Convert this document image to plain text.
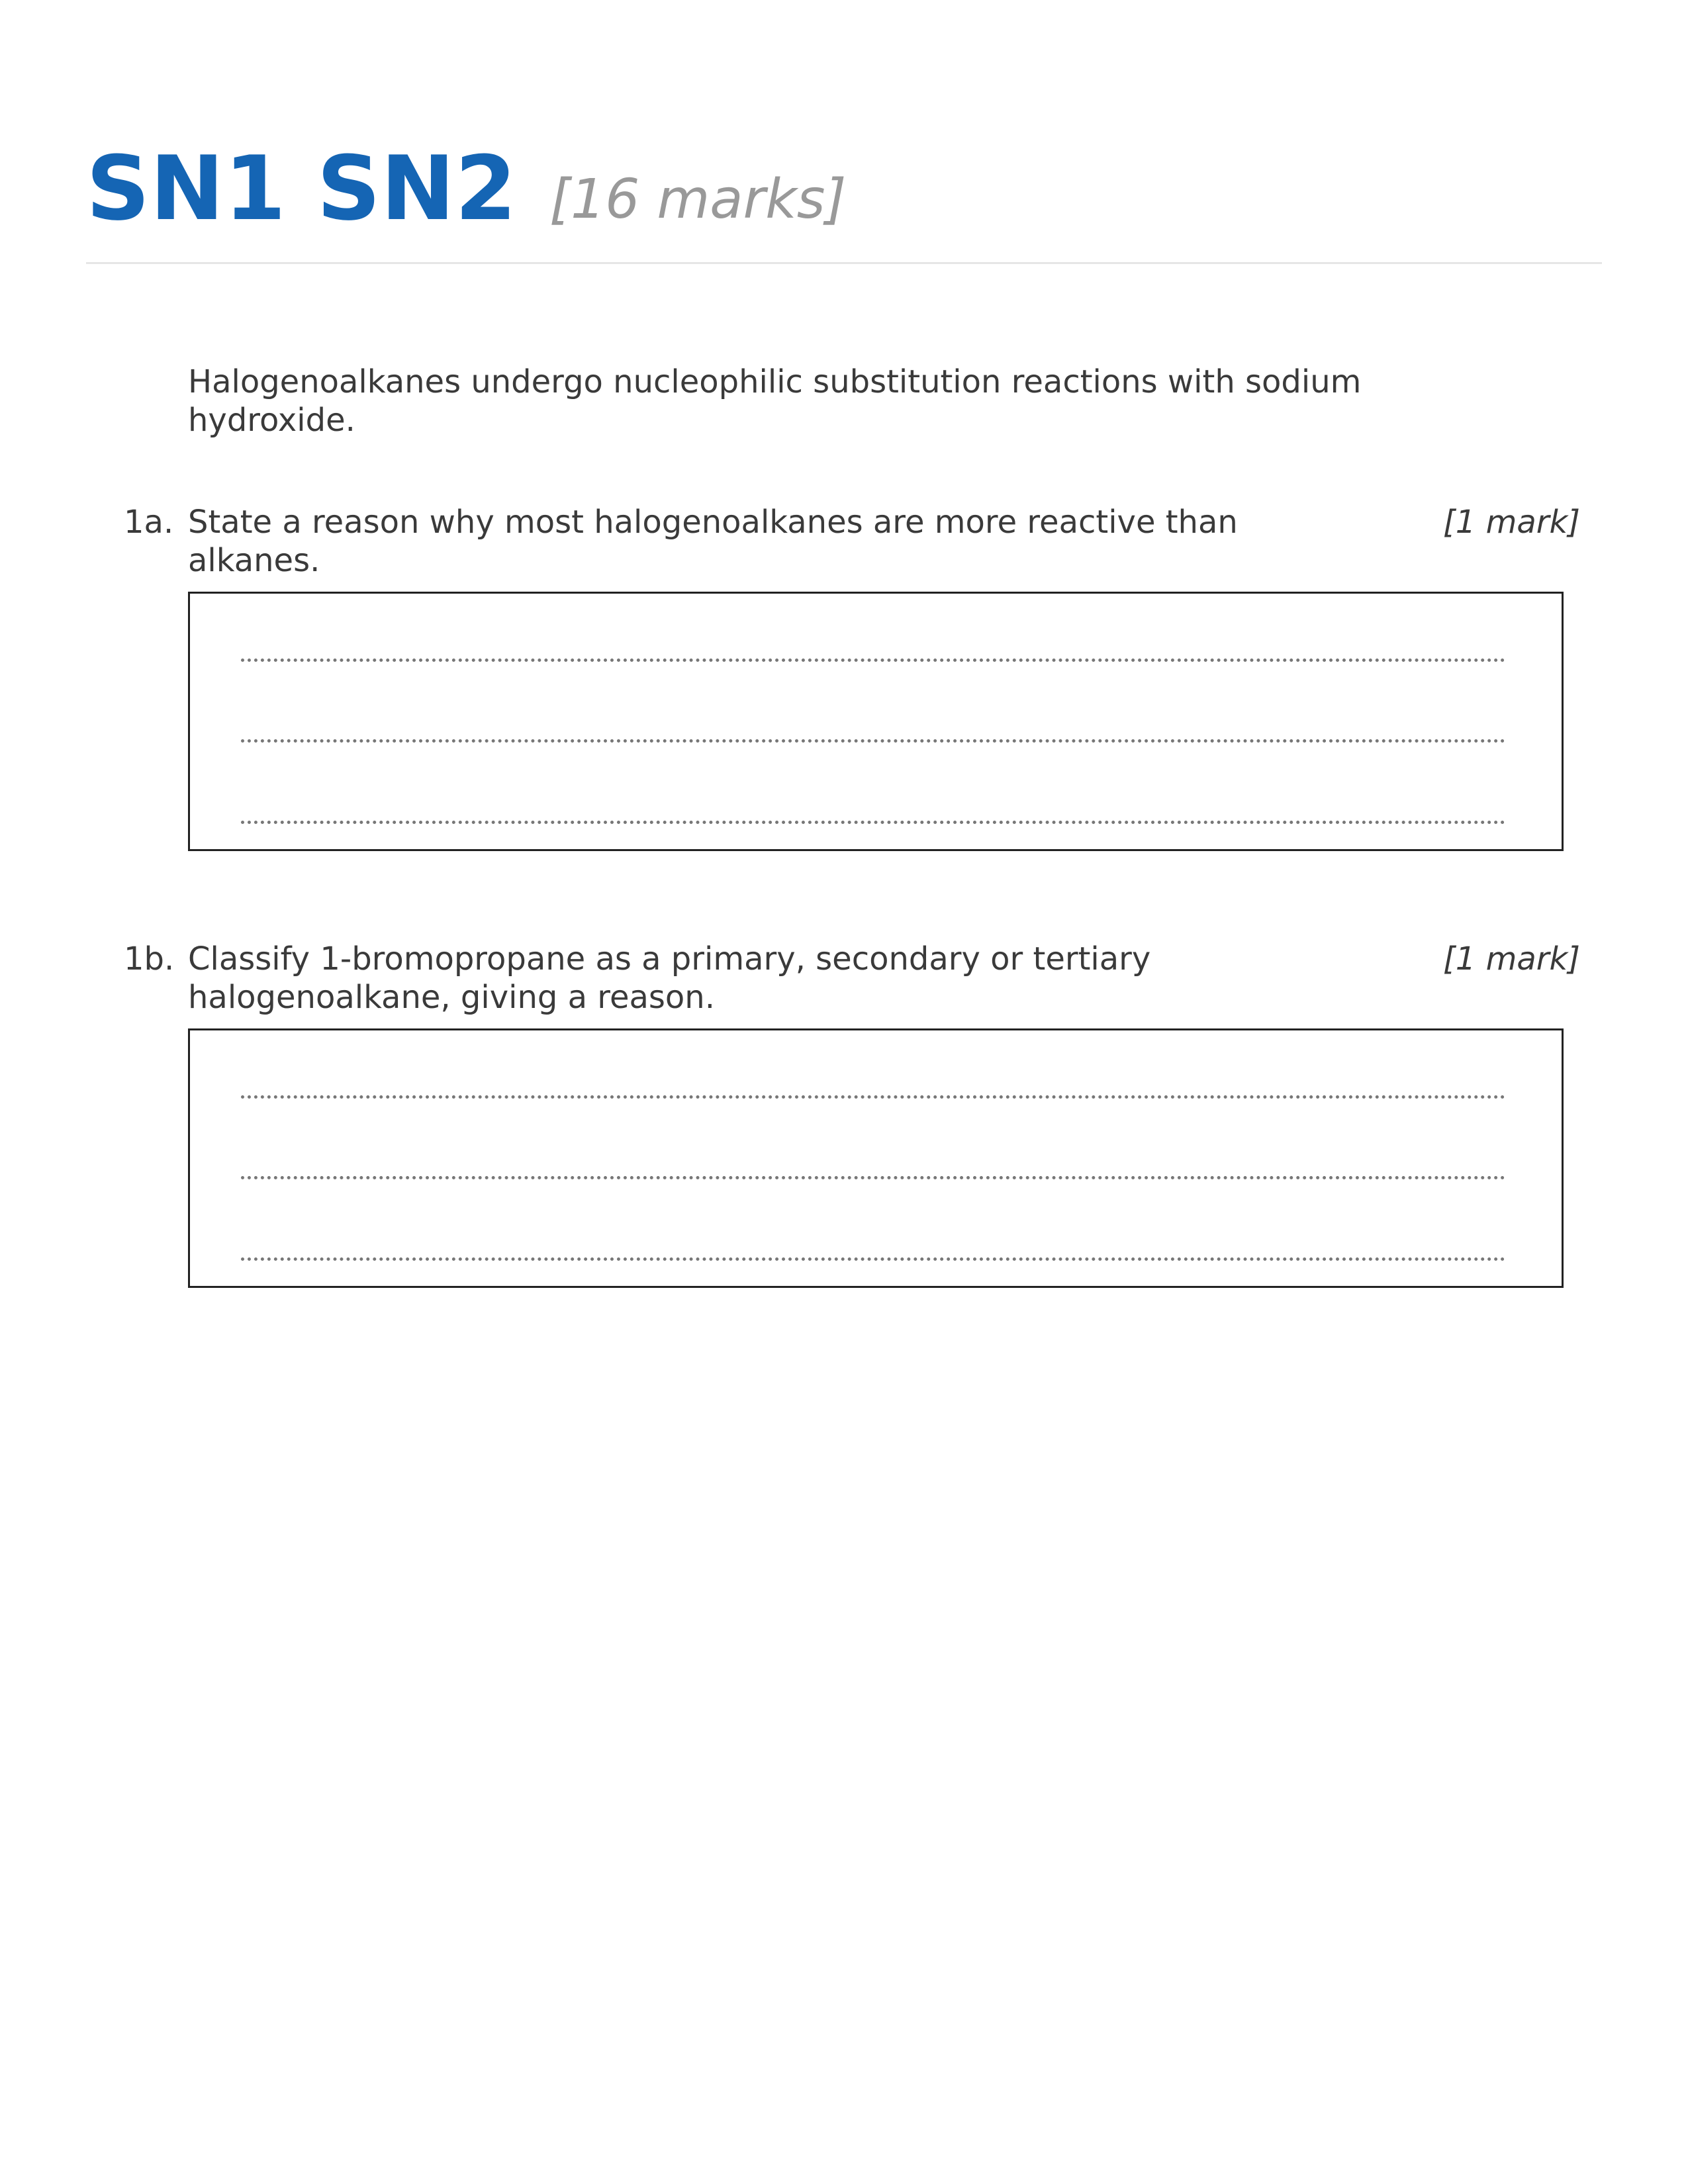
SN1 SN2 [16 marks]
Halogenoalkanes undergo nucleophilic substitution reactions with sodium hydroxide.
1a. State a reason why most halogenoalkanes are more reactive than alkanes.
[1 mark]
1b. Classify 1-bromopropane as a primary, secondary or tertiary halogenoalkane, giving a reason.
[1 mark]
